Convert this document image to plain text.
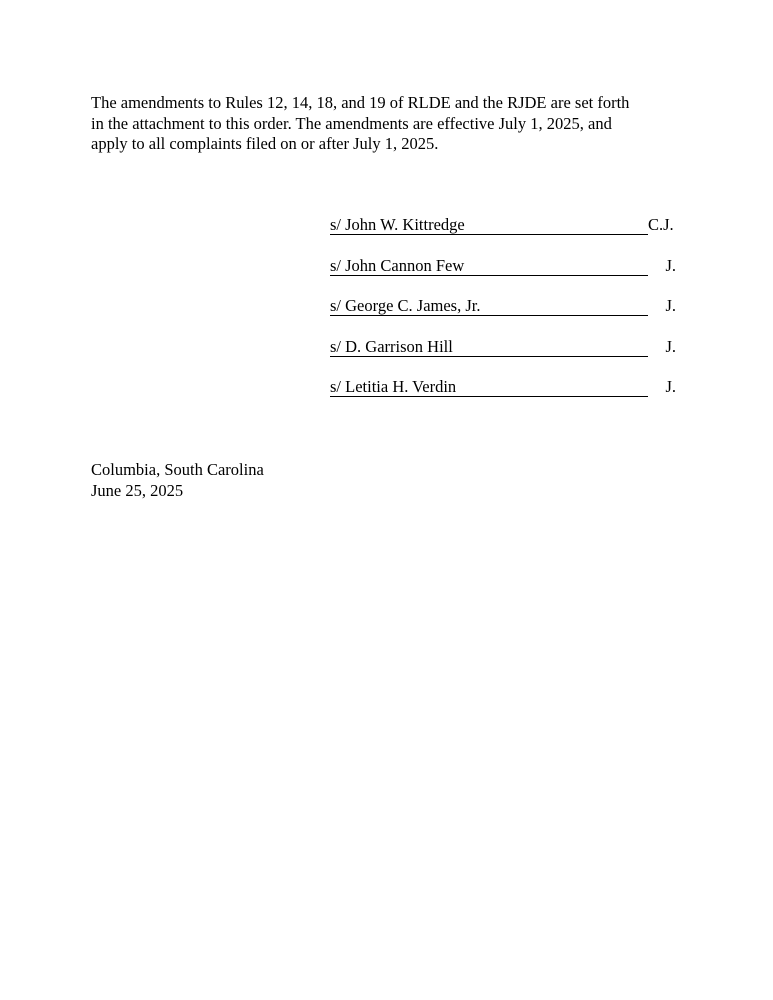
The amendments to Rules 12, 14, 18, and 19 of RLDE and the RJDE are set forth
in the attachment to this order. The amendments are effective July 1, 2025, and
apply to all complaints filed on or after July 1, 2025.
s/ John W. Kittredge	C.J.
s/ John Cannon Few	J.
s/ George C. James, Jr.	J.
s/ D. Garrison Hill	J.
s/ Letitia H. Verdin	J.
Columbia, South Carolina
June 25, 2025
